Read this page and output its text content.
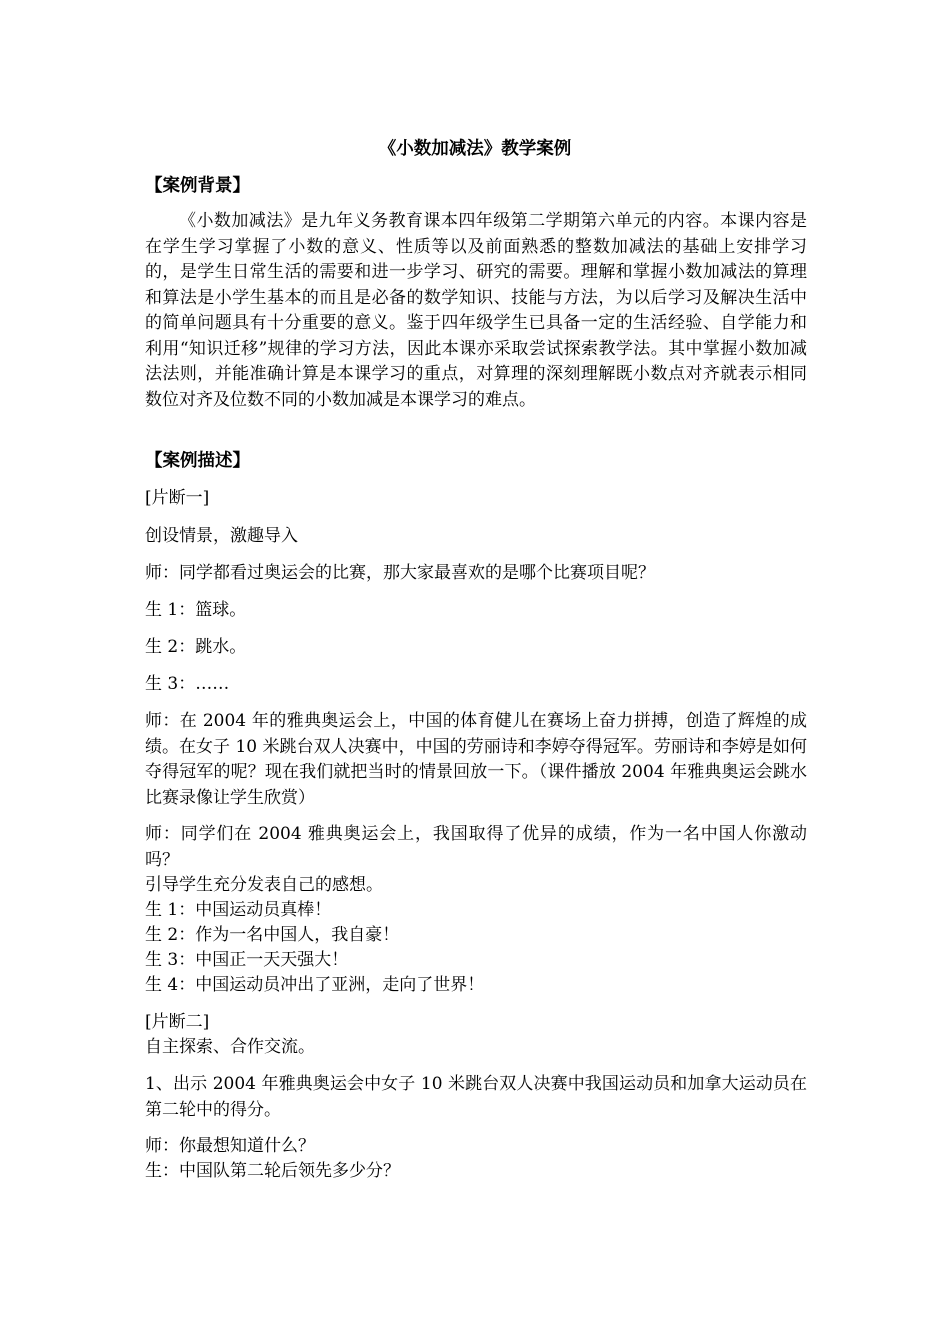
《小数加减法》教学案例
【案例背景】

《小数加减法》是九年义务教育课本四年级第二学期第六单元的内容。本课内容是在学生学习掌握了小数的意义、性质等以及前面熟悉的整数加减法的基础上安排学习的，是学生日常生活的需要和进一步学习、研究的需要。理解和掌握小数加减法的算理和算法是小学生基本的而且是必备的数学知识、技能与方法，为以后学习及解决生活中的简单问题具有十分重要的意义。鉴于四年级学生已具备一定的生活经验、自学能力和利用“知识迁移”规律的学习方法，因此本课亦采取尝试探索教学法。其中掌握小数加减法法则，并能准确计算是本课学习的重点，对算理的深刻理解既小数点对齐就表示相同数位对齐及位数不同的小数加减是本课学习的难点。

【案例描述】
[片断一]
创设情景，激趣导入
师：同学都看过奥运会的比赛，那大家最喜欢的是哪个比赛项目呢？
生 1：篮球。
生 2：跳水。
生 3：……

师：在 2004 年的雅典奥运会上，中国的体育健儿在赛场上奋力拼搏，创造了辉煌的成绩。在女子 10 米跳台双人决赛中，中国的劳丽诗和李婷夺得冠军。劳丽诗和李婷是如何夺得冠军的呢？现在我们就把当时的情景回放一下。（课件播放 2004 年雅典奥运会跳水比赛录像让学生欣赏）

师：同学们在 2004 雅典奥运会上，我国取得了优异的成绩，作为一名中国人你激动吗？

引导学生充分发表自己的感想。
生 1：中国运动员真棒！
生 2：作为一名中国人，我自豪！
生 3：中国正一天天强大！
生 4：中国运动员冲出了亚洲，走向了世界！
[片断二]
自主探索、合作交流。

1、出示 2004 年雅典奥运会中女子 10 米跳台双人决赛中我国运动员和加拿大运动员在第二轮中的得分。

师：你最想知道什么？
生：中国队第二轮后领先多少分？
